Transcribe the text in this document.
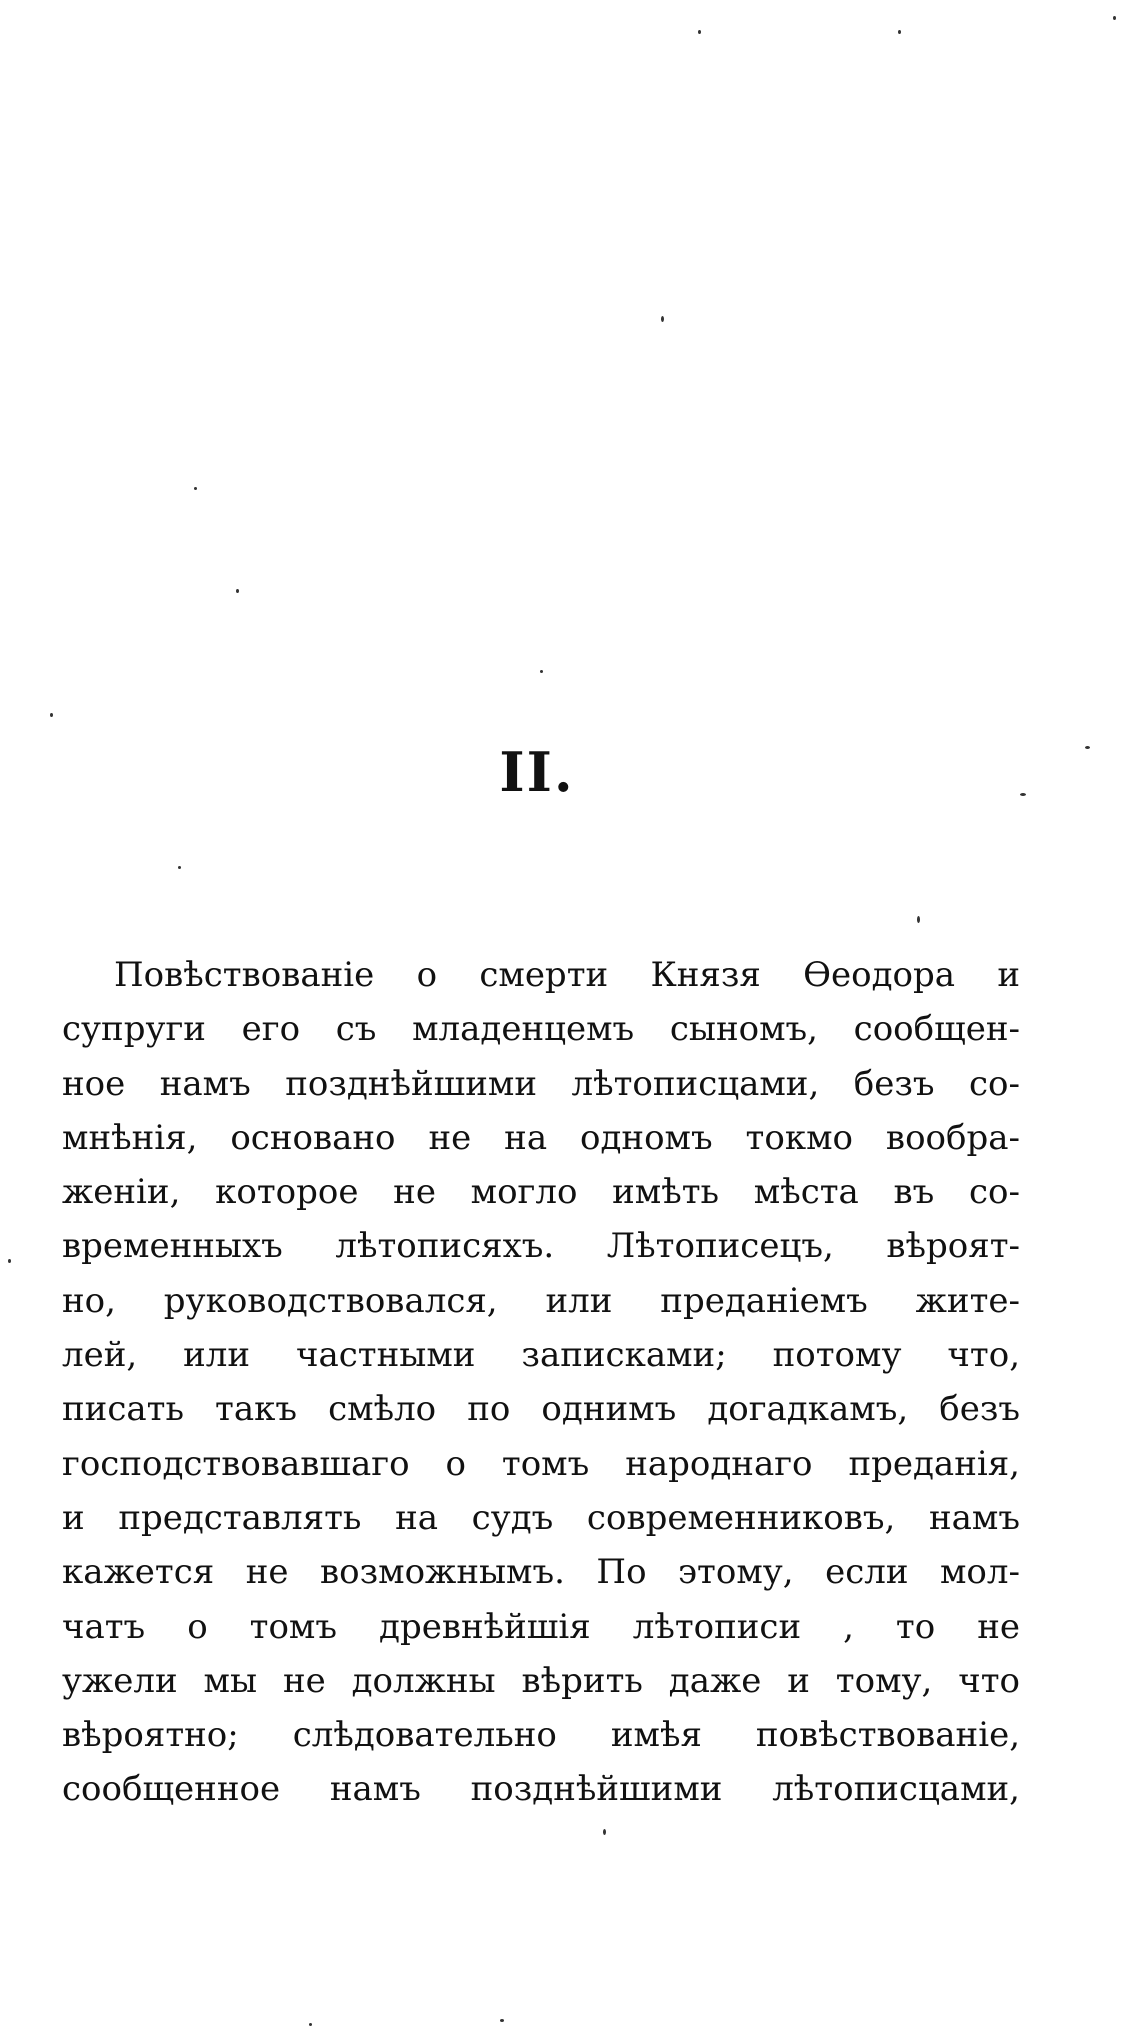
II.
Повѣствованіе о смерти Князя Ѳеодора и
супруги его съ младенцемъ сыномъ, сообщен-
ное намъ позднѣйшими лѣтописцами, безъ со-
мнѣнія, основано не на одномъ токмо вообра-
женіи, которое не могло имѣть мѣста въ со-
временныхъ лѣтописяхъ. Лѣтописецъ, вѣроят-
но, руководствовался, или преданіемъ жите-
лей, или частными записками; потому что,
писать такъ смѣло по однимъ догадкамъ, безъ
господствовавшаго о томъ народнаго преданія,
и представлять на судъ современниковъ, намъ
кажется не возможнымъ. По этому, если мол-
чатъ о томъ древнѣйшія лѣтописи , то не
ужели мы не должны вѣрить даже и тому, что
вѣроятно; слѣдовательно имѣя повѣствованіе,
сообщенное намъ позднѣйшими лѣтописцами,
